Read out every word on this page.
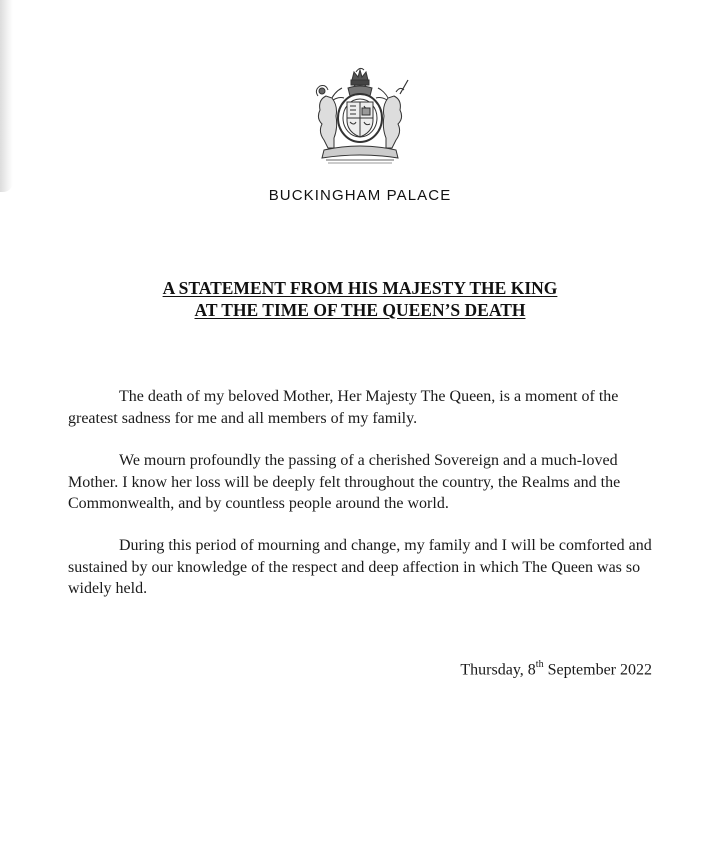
BUCKINGHAM PALACE
A STATEMENT FROM HIS MAJESTY THE KING
AT THE TIME OF THE QUEEN’S DEATH
The death of my beloved Mother, Her Majesty The Queen, is a moment of the greatest sadness for me and all members of my family.
We mourn profoundly the passing of a cherished Sovereign and a much-loved Mother. I know her loss will be deeply felt throughout the country, the Realms and the Commonwealth, and by countless people around the world.
During this period of mourning and change, my family and I will be comforted and sustained by our knowledge of the respect and deep affection in which The Queen was so widely held.
Thursday, 8th September 2022
